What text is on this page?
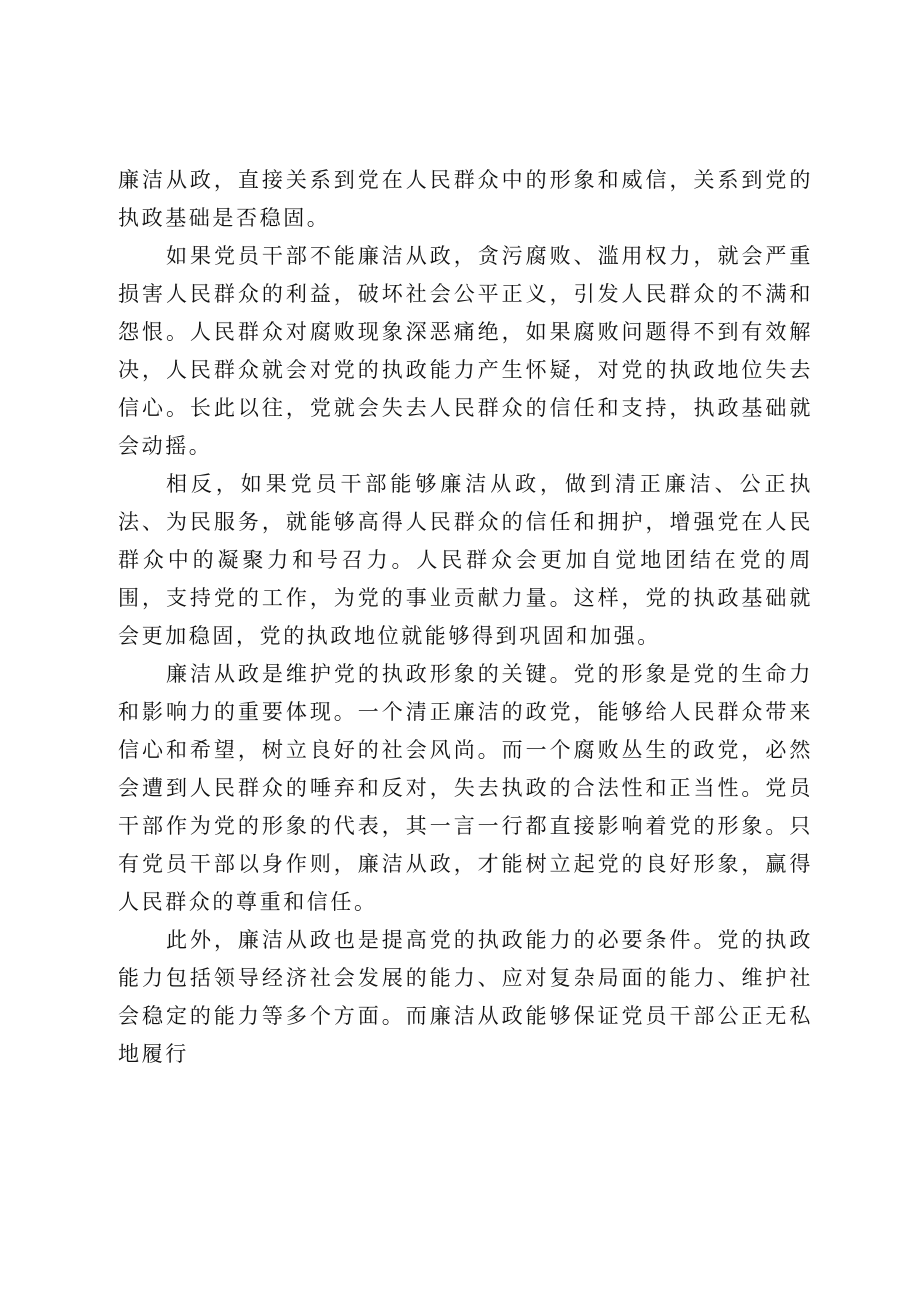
廉洁从政，直接关系到党在人民群众中的形象和威信，关系到党的执政基础是否稳固。

如果党员干部不能廉洁从政，贪污腐败、滥用权力，就会严重损害人民群众的利益，破坏社会公平正义，引发人民群众的不满和怨恨。人民群众对腐败现象深恶痛绝，如果腐败问题得不到有效解决，人民群众就会对党的执政能力产生怀疑，对党的执政地位失去信心。长此以往，党就会失去人民群众的信任和支持，执政基础就会动摇。

相反，如果党员干部能够廉洁从政，做到清正廉洁、公正执法、为民服务，就能够高得人民群众的信任和拥护，增强党在人民群众中的凝聚力和号召力。人民群众会更加自觉地团结在党的周围，支持党的工作，为党的事业贡献力量。这样，党的执政基础就会更加稳固，党的执政地位就能够得到巩固和加强。

廉洁从政是维护党的执政形象的关键。党的形象是党的生命力和影响力的重要体现。一个清正廉洁的政党，能够给人民群众带来信心和希望，树立良好的社会风尚。而一个腐败丛生的政党，必然会遭到人民群众的唾弃和反对，失去执政的合法性和正当性。党员干部作为党的形象的代表，其一言一行都直接影响着党的形象。只有党员干部以身作则，廉洁从政，才能树立起党的良好形象，赢得人民群众的尊重和信任。

此外，廉洁从政也是提高党的执政能力的必要条件。党的执政能力包括领导经济社会发展的能力、应对复杂局面的能力、维护社会稳定的能力等多个方面。而廉洁从政能够保证党员干部公正无私地履行
